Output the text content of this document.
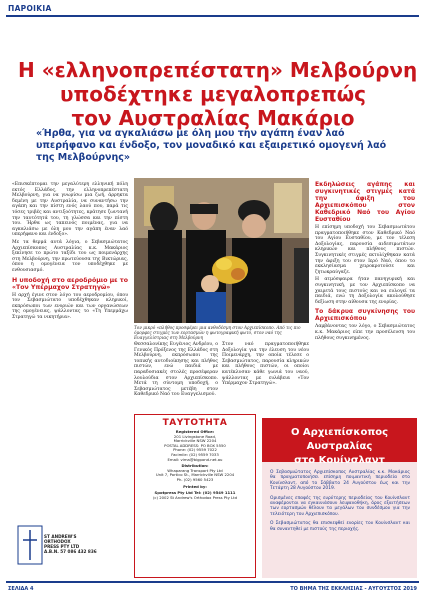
ΠΑΡΟΙΚΙΑ
Η «ελληνοπρεπέστατη» Μελβούρνη
υποδέχτηκε μεγαλοπρεπώς
τον Αυστραλίας Μακάριο
«Ήρθα, για να αγκαλιάσω με όλη μου την αγάπη έναν λαό υπερήφανο και ένδοξο, τον μοναδικό και εξαιρετικό ομογενή λαό της Μελβούρνης»

«Επισκέπτομαι την μεγαλύτερη ελληνική πόλη εκτός Ελλάδος, την ελληνοπρεπέστατη Μελβούρνη, για να γνωρίσω μια ζωή, άρρηκτα δεμένη με την Αυστραλία, να συναντήσω την αγάπη και την πίστη ενός λαού που, παρά τις τόσες τριβές και αντιξοότητες, κράτησε ζωντανή την ταυτότητά του, τη γλώσσα και την πίστη του. Ήρθα ως ταπεινός ποιμένας, για να αγκαλιάσω με όλη μου την αγάπη έναν λαό υπερήφανο και ένδοξο».

Με τα θερμά αυτά λόγια, ο Σεβασμιώτατος Αρχιεπίσκοπος Αυστραλίας κ.κ. Μακάριος ξεκίνησε το πρώτο ταξίδι του ως ποιμενάρχης στη Μελβούρνη, την πρωτεύουσα της Βικτώριας, όπου η ομογένεια τον υποδέχθηκε με ενθουσιασμό.

Η υποδοχή στο αεροδρόμιο με το «Τον Υπέρμαχον Στρατηγώ»

Η αρχή έγινε στον λόγο του αεροδρομίου, όπου τον Σεβασμιώτατο υποδέχθηκαν κληρικοί, εκπρόσωποι των ενοριών και των οργανώσεων της ομογένειας, ψάλλοντας το «Τη Υπερμάχω Στρατηγώ τα νικητήρια».

Τον μικρό «πλήθος προσφέρει μια ανθοδέσμη στον Αρχιεπίσκοπο. Από τις πιο όμορφες στιγμές των εορτασμών η φωτογραφική φωτό, στον ναό της Ευαγγελίστριας στη Μελβούρνη

Θεσσαλονίκης Ευγένιος Ανδρέου, ο Γενικός Πρόξενος της Ελλάδος στη Μελβούρνη, εκπρόσωποι της τοπικής αυτοδιοίκησης και πλήθος πιστών, ενώ παιδιά με παραδοσιακές στολές προσέφεραν λουλούδια στον Αρχιεπίσκοπο. Μετά τη σύντομη υποδοχή, ο Σεβασμιώτατος μετέβη στον Καθεδρικό Ναό του Ευαγγελισμού.

Στον ναό πραγματοποιήθηκε Δοξολογία για την έλευση του νέου Ποιμενάρχη, την οποία τέλεσε ο Σεβασμιώτατος, παρουσία κληρικών και πλήθους πιστών, οι οποίοι κατέκλυσαν κάθε γωνιά του ναού, ψάλλοντας με ευλάβεια «Τον Υπέρμαχον Στρατηγώ».

Εκδηλώσεις αγάπης και συγκινητικές στιγμές κατά την άφιξη του Αρχιεπισκόπου στον Καθεδρικό Ναό του Αγίου Ευσταθίου

Η επίσημη υποδοχή του Σεβασμιωτάτου πραγματοποιήθηκε στον Καθεδρικό Ναό του Αγίου Ευσταθίου, με τον τέλεση Δοξολογίας, παρουσία αιδεσιμωτάτων κληρικών και πλήθους πιστών. Συγκινητικές στιγμές εκτυλίχθηκαν κατά την άφιξη του στον Ιερό Ναό, όπου το εκκλησίασμα χειροκροτούσε και ζητωκραύγαζε.

Η ατμόσφαιρα ήταν πανηγυρική και συγκινητική, με τον Αρχιεπίσκοπο να χαιρετά τους πιστούς και να ευλογεί τα παιδιά, ενώ τη Δοξολογία ακολούθησε δεξίωση στην αίθουσα της ενορίας.

Το δάκρυα συγκίνησης του Αρχιεπισκόπου

Λαμβάνοντας τον λόγο, ο Σεβασμιώτατος κ.κ. Μακάριος είπε την προσέλευση του πλήθους συγκινημένος.

ΤΑΥΤΟΤΗΤΑ
Registered Office:
201 Livingstone Road,
Marrickville NSW 2204
POSTAL ADDRESS: PO BOX 5550
Phone: (02) 9559 7022
Facimile: (02) 9559 7033
Email: vima@bigpond.net.au
Distribution:
Whaparang Transport Pty Ltd
Unit 7, Portico St., Marrickville NSW 2204
Ph. (02) 9560 5423
Printed by:
Spotpress Pty Ltd Tel: (02) 9549 1111
(c) 2002 St Andrew's Orthodox Press Pty Ltd
ST ANDREW'S
ORTHODOX
PRESS PTY LTD
A.B.N. 57 086 432 836
Ο Αρχιεπίσκοπος Αυστραλίας
στο Κουίνσλαντ

Ο Σεβασμιώτατος Αρχιεπίσκοπος Αυστραλίας κ.κ. Μακάριος θα πραγματοποιήσει επίσημη ποιμαντική περιοδεία στο Κουίνσλαντ, από το Σάββατο 24 Αυγούστου έως και την Τετάρτη 28 Αυγούστου 2019.

Ορισμένες επαφές της ευρύτερης περιοδείας του Κουίνσλαντ αναφέρονται να εγκαινιάσουν λειψανοθήκη, όρος εξαιτήσεων των εορτασμών θέλουν τα μεγάλων του συνδέσμου για την τελειότερη του Αρχιεπισκόπου.

Ο Σεβασμιώτατος θα επισκεφθεί ενορίες του Κουίνσλαντ και θα συναντηθεί με πιστούς της περιοχής.

ΣΕΛΙΔΑ 4	ΤΟ ΒΗΜΑ ΤΗΣ ΕΚΚΛΗΣΙΑΣ - ΑΥΓΟΥΣΤΟΣ 2019
